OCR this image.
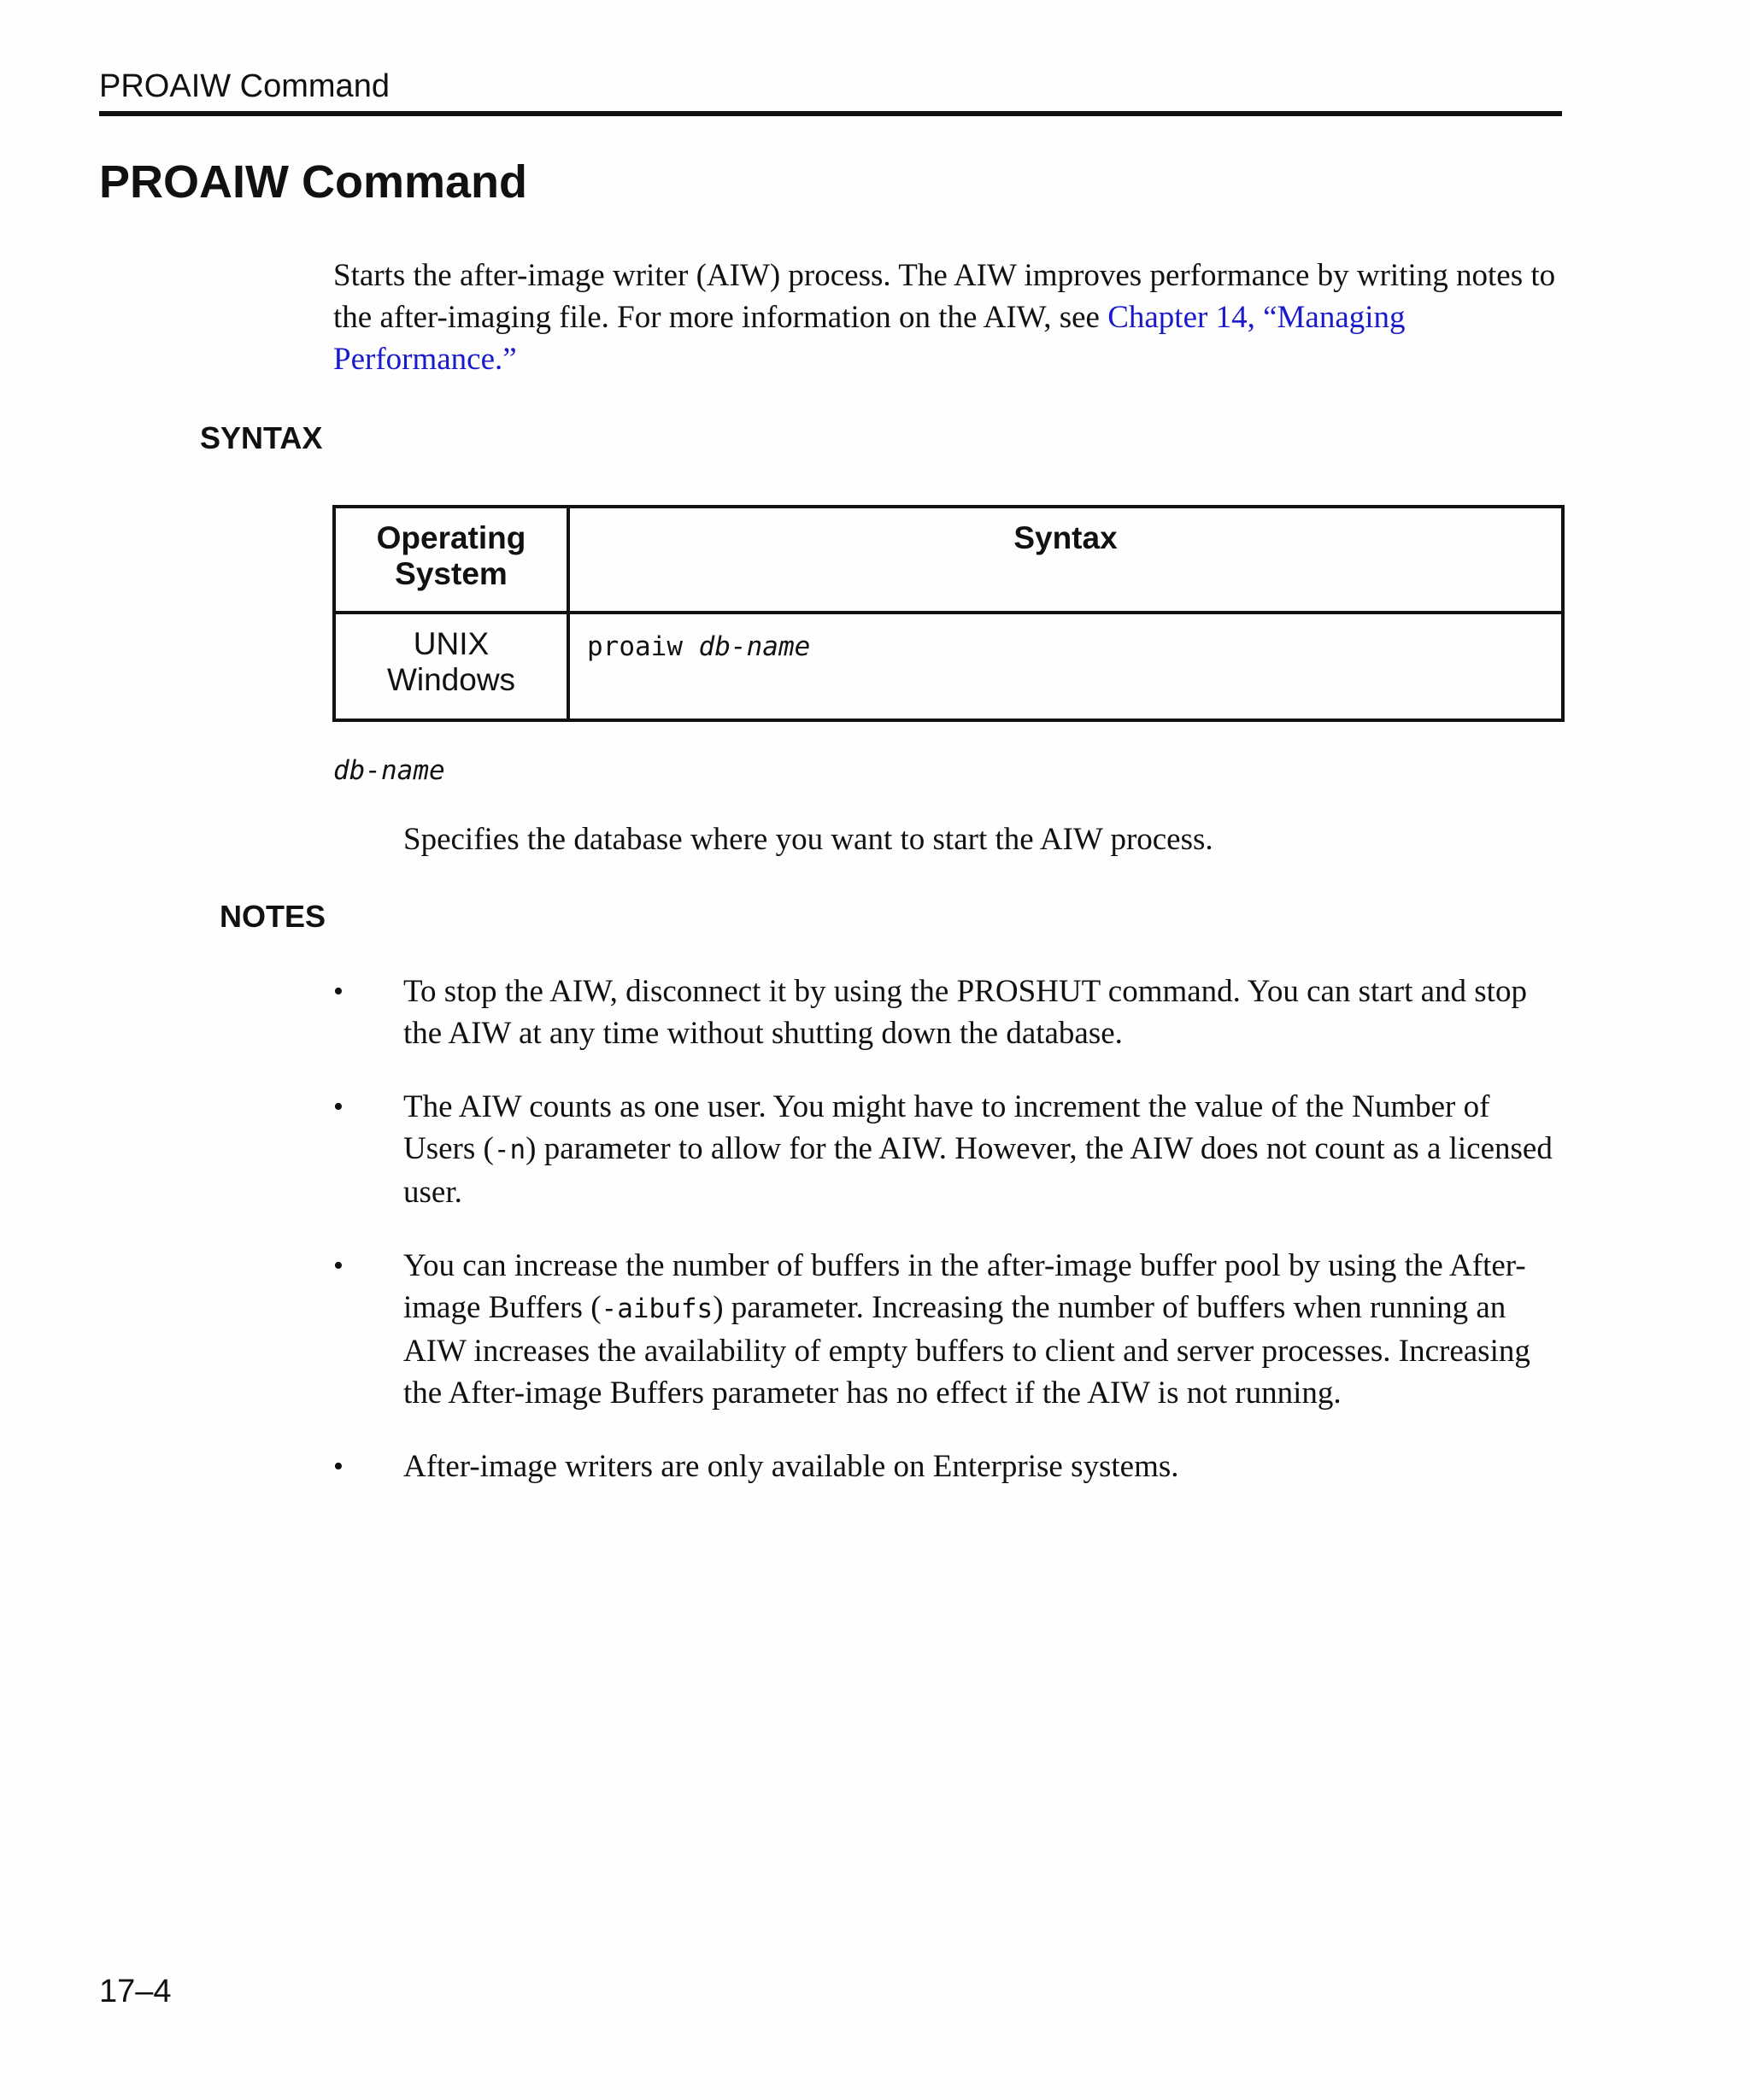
PROAIW Command
PROAIW Command

Starts the after-image writer (AIW) process. The AIW improves performance by writing notes to the after-imaging file. For more information on the AIW, see Chapter 14, “Managing Performance.”

SYNTAX
Operating System	Syntax

UNIX
Windows	proaiw db-name
db-name

Specifies the database where you want to start the AIW process.

NOTES
• To stop the AIW, disconnect it by using the PROSHUT command. You can start and stop the AIW at any time without shutting down the database.
• The AIW counts as one user. You might have to increment the value of the Number of Users (-n) parameter to allow for the AIW. However, the AIW does not count as a licensed user.
• You can increase the number of buffers in the after-image buffer pool by using the After-image Buffers (-aibufs) parameter. Increasing the number of buffers when running an AIW increases the availability of empty buffers to client and server processes. Increasing the After-image Buffers parameter has no effect if the AIW is not running.
• After-image writers are only available on Enterprise systems.
17–4
